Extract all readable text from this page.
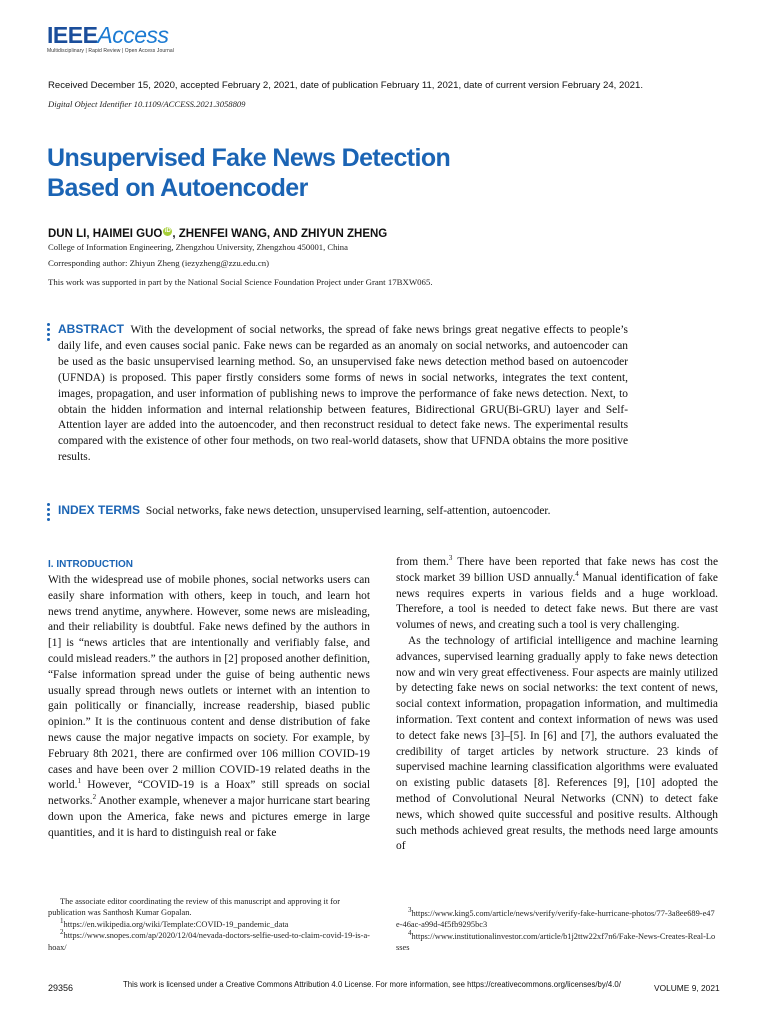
IEEEAccess
Multidisciplinary | Rapid Review | Open Access Journal
Received December 15, 2020, accepted February 2, 2021, date of publication February 11, 2021, date of current version February 24, 2021.
Digital Object Identifier 10.1109/ACCESS.2021.3058809
Unsupervised Fake News Detection
Based on Autoencoder
DUN LI, HAIMEI GUO iD , ZHENFEI WANG, AND ZHIYUN ZHENG
College of Information Engineering, Zhengzhou University, Zhengzhou 450001, China
Corresponding author: Zhiyun Zheng (iezyzheng@zzu.edu.cn)
This work was supported in part by the National Social Science Foundation Project under Grant 17BXW065.
ABSTRACT With the development of social networks, the spread of fake news brings great negative effects to people’s daily life, and even causes social panic. Fake news can be regarded as an anomaly on social networks, and autoencoder can be used as the basic unsupervised learning method. So, an unsupervised fake news detection method based on autoencoder (UFNDA) is proposed. This paper firstly considers some forms of news in social networks, integrates the text content, images, propagation, and user information of publishing news to improve the performance of fake news detection. Next, to obtain the hidden information and internal relationship between features, Bidirectional GRU(Bi-GRU) layer and Self-Attention layer are added into the autoencoder, and then reconstruct residual to detect fake news. The experimental results compared with the existence of other four methods, on two real-world datasets, show that UFNDA obtains the more positive results.
INDEX TERMS Social networks, fake news detection, unsupervised learning, self-attention, autoencoder.
I. INTRODUCTION
With the widespread use of mobile phones, social networks users can easily share information with others, keep in touch, and learn hot news trend anytime, anywhere. However, some news are misleading, and their reliability is doubtful. Fake news defined by the authors in [1] is “news articles that are intentionally and verifiably false, and could mislead readers.” the authors in [2] proposed another definition, “False information spread under the guise of being authentic news usually spread through news outlets or internet with an intention to gain politically or financially, increase readership, biased public opinion.” It is the continuous content and dense distribution of fake news cause the major negative impacts on society. For example, by February 8th 2021, there are confirmed over 106 million COVID-19 cases and have been over 2 million COVID-19 related deaths in the world.$^1$ However, “COVID-19 is a Hoax” still spreads on social networks.$^2$ Another example, whenever a major hurricane start bearing down upon the America, fake news and pictures emerge in large quantities, and it is hard to distinguish real or fake
from them.$^3$ There have been reported that fake news has cost the stock market 39 billion USD annually.$^4$ Manual identification of fake news requires experts in various fields and a huge workload. Therefore, a tool is needed to detect fake news. But there are vast volumes of news, and creating such a tool is very challenging.
As the technology of artificial intelligence and machine learning advances, supervised learning gradually apply to fake news detection now and win very great effectiveness. Four aspects are mainly utilized by detecting fake news on social networks: the text content of news, social context information, propagation information, and multimedia information. Text content and context information of news was used to detect fake news [3]–[5]. In [6] and [7], the authors evaluated the credibility of target articles by network structure. 23 kinds of supervised machine learning classification algorithms were evaluated on existing public datasets [8]. References [9], [10] adopted the method of Convolutional Neural Networks (CNN) to detect fake news, which showed quite successful and positive results. Although such methods achieved great results, the methods need large amounts of

The associate editor coordinating the review of this manuscript and approving it for publication was Santhosh Kumar Gopalan.

$^1$https://en.wikipedia.org/wiki/Template:COVID-19_pandemic_data

$^2$https://www.snopes.com/ap/2020/12/04/nevada-doctors-selfie-used-to-claim-covid-19-is-a-hoax/

$^3$https://www.king5.com/article/news/verify/verify-fake-hurricane-photos/77-3a8ee689-e47e-46ac-a99d-4f5fb9295bc3

$^4$https://www.institutionalinvestor.com/article/b1j2ttw22xf7n6/Fake-News-Creates-Real-Losses

29356	This work is licensed under a Creative Commons Attribution 4.0 License. For more information, see https://creativecommons.org/licenses/by/4.0/	VOLUME 9, 2021
